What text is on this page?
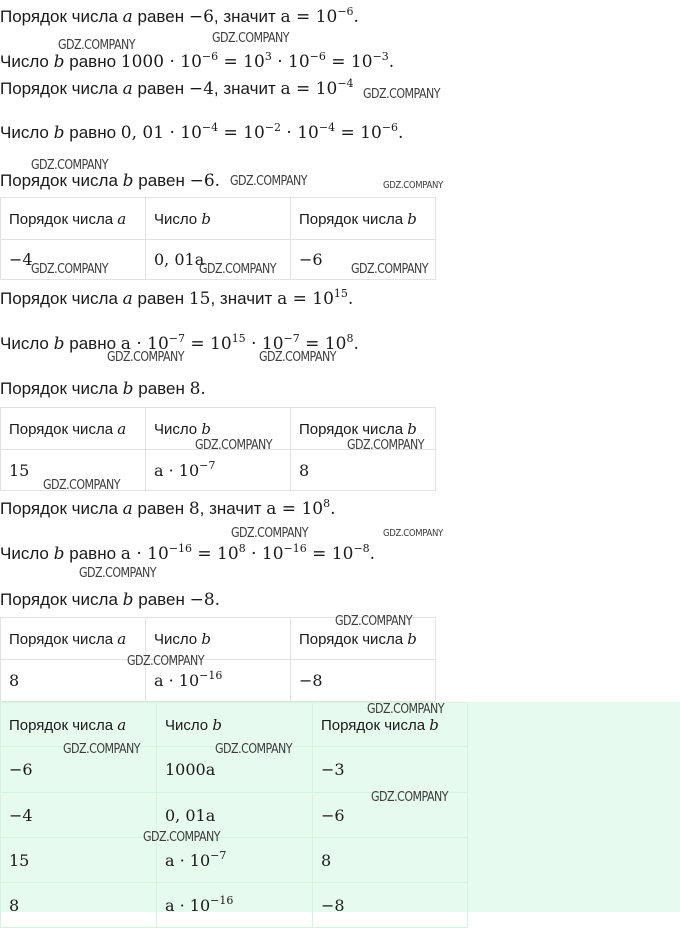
Порядок числа a равен −6, значит $a = 10^{-6}$.
Число b равно $1000 \cdot 10^{-6} = 10^3 \cdot 10^{-6} = 10^{-3}$.
Порядок числа a равен −4, значит $a = 10^{-4}$
Число b равно 0, $01 \cdot 10^{-4} = 10^{-2} \cdot 10^{-4} = 10^{-6}$.
Порядок числа b равен −6.
Порядок числа a	Число b	Порядок числа b
−4	0, 01a	−6
Порядок числа a равен 15, значит $a = 10^{15}$.
Число b равно $a \cdot 10^{-7} = 10^{15} \cdot 10^{-7} = 10^8$.
Порядок числа b равен 8.
Порядок числа a	Число b	Порядок числа b
15	$a \cdot 10^{-7}$	8
Порядок числа a равен 8, значит $a = 10^8$.
Число b равно $a \cdot 10^{-16} = 10^8 \cdot 10^{-16} = 10^{-8}$.
Порядок числа b равен −8.
Порядок числа a	Число b	Порядок числа b
8	$a \cdot 10^{-16}$	−8
Порядок числа a	Число b	Порядок числа b
−6	1000a	−3
−4	0, 01a	−6
15	$a \cdot 10^{-7}$	8
8	$a \cdot 10^{-16}$	−8
GDZ.COMPANY
GDZ.COMPANY
GDZ.COMPANY
GDZ.COMPANY
GDZ.COMPANY	GDZ.COMPANY
GDZ.COMPANY	GDZ.COMPANY	GDZ.COMPANY
GDZ.COMPANY	GDZ.COMPANY
GDZ.COMPANY	GDZ.COMPANY
GDZ.COMPANY
GDZ.COMPANY	GDZ.COMPANY
GDZ.COMPANY
GDZ.COMPANY
GDZ.COMPANY
GDZ.COMPANY
GDZ.COMPANY	GDZ.COMPANY
GDZ.COMPANY
GDZ.COMPANY
